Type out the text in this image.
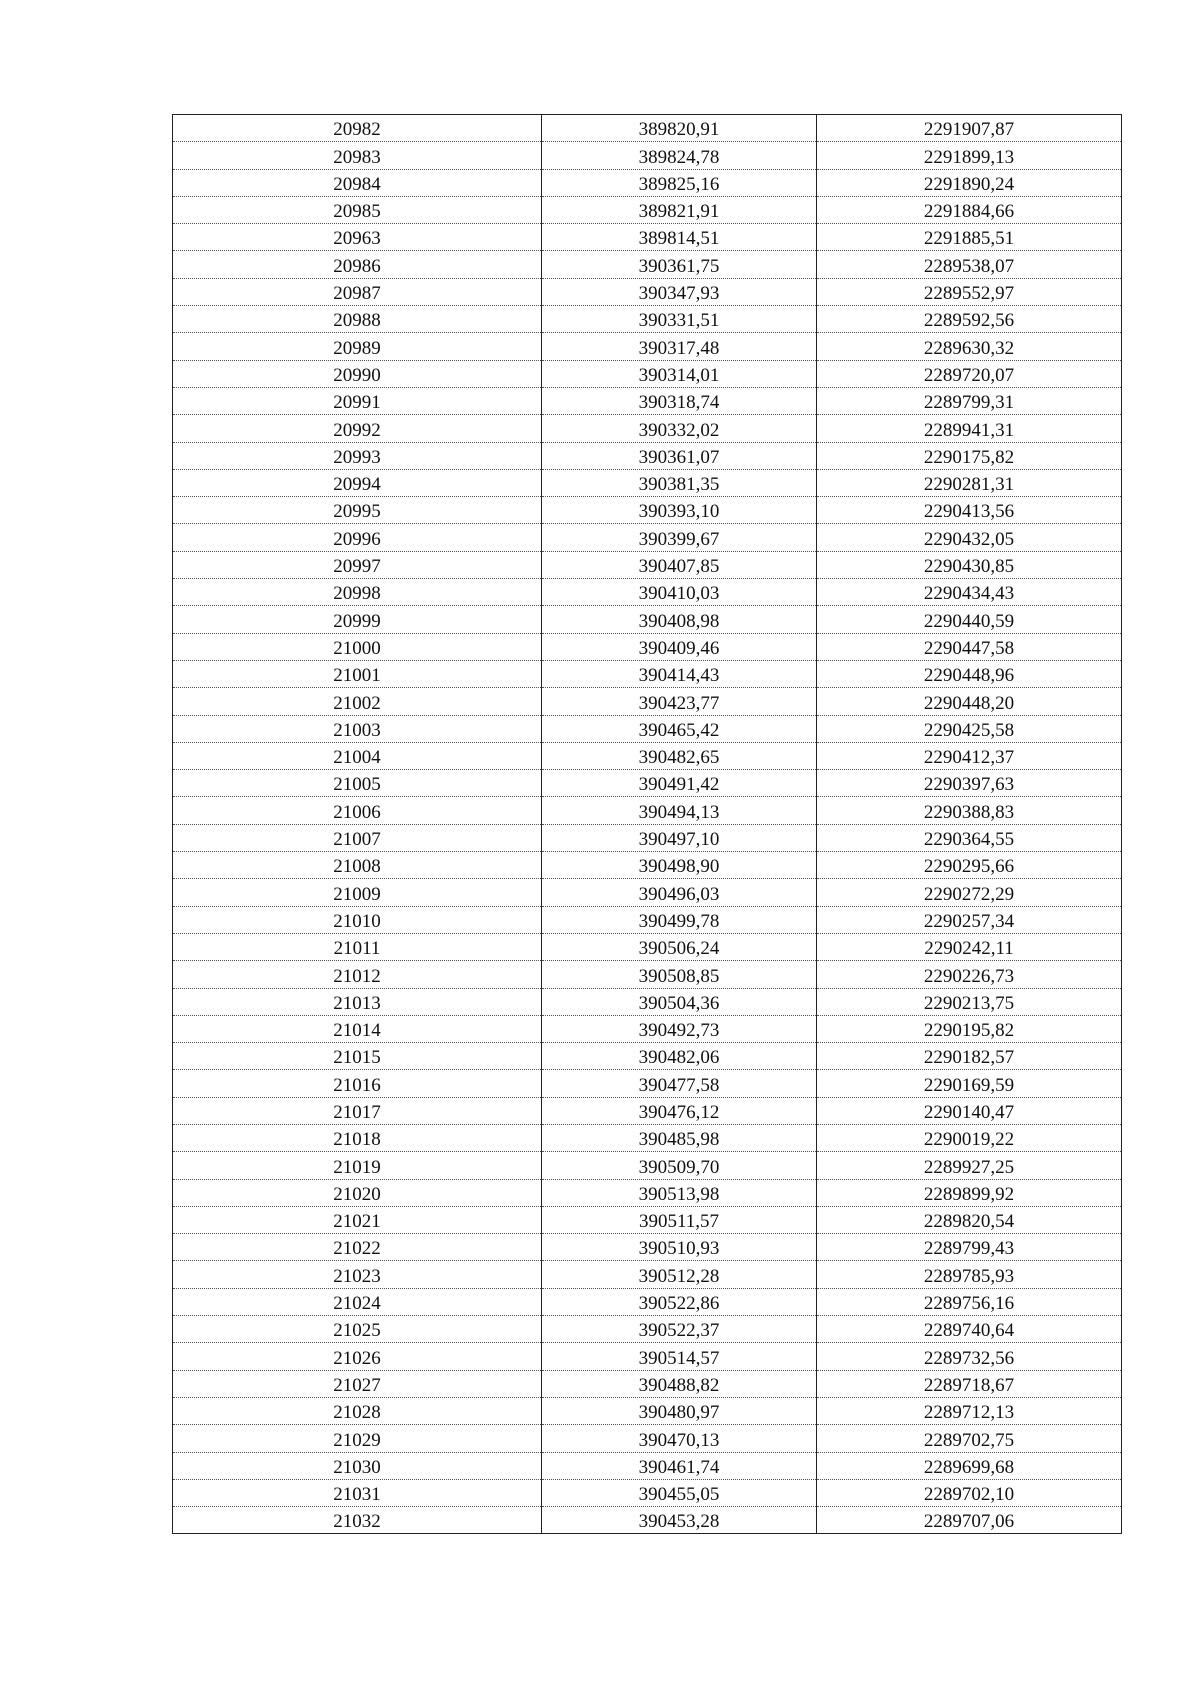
20982	389820,91	2291907,87
20983	389824,78	2291899,13
20984	389825,16	2291890,24
20985	389821,91	2291884,66
20963	389814,51	2291885,51
20986	390361,75	2289538,07
20987	390347,93	2289552,97
20988	390331,51	2289592,56
20989	390317,48	2289630,32
20990	390314,01	2289720,07
20991	390318,74	2289799,31
20992	390332,02	2289941,31
20993	390361,07	2290175,82
20994	390381,35	2290281,31
20995	390393,10	2290413,56
20996	390399,67	2290432,05
20997	390407,85	2290430,85
20998	390410,03	2290434,43
20999	390408,98	2290440,59
21000	390409,46	2290447,58
21001	390414,43	2290448,96
21002	390423,77	2290448,20
21003	390465,42	2290425,58
21004	390482,65	2290412,37
21005	390491,42	2290397,63
21006	390494,13	2290388,83
21007	390497,10	2290364,55
21008	390498,90	2290295,66
21009	390496,03	2290272,29
21010	390499,78	2290257,34
21011	390506,24	2290242,11
21012	390508,85	2290226,73
21013	390504,36	2290213,75
21014	390492,73	2290195,82
21015	390482,06	2290182,57
21016	390477,58	2290169,59
21017	390476,12	2290140,47
21018	390485,98	2290019,22
21019	390509,70	2289927,25
21020	390513,98	2289899,92
21021	390511,57	2289820,54
21022	390510,93	2289799,43
21023	390512,28	2289785,93
21024	390522,86	2289756,16
21025	390522,37	2289740,64
21026	390514,57	2289732,56
21027	390488,82	2289718,67
21028	390480,97	2289712,13
21029	390470,13	2289702,75
21030	390461,74	2289699,68
21031	390455,05	2289702,10
21032	390453,28	2289707,06
